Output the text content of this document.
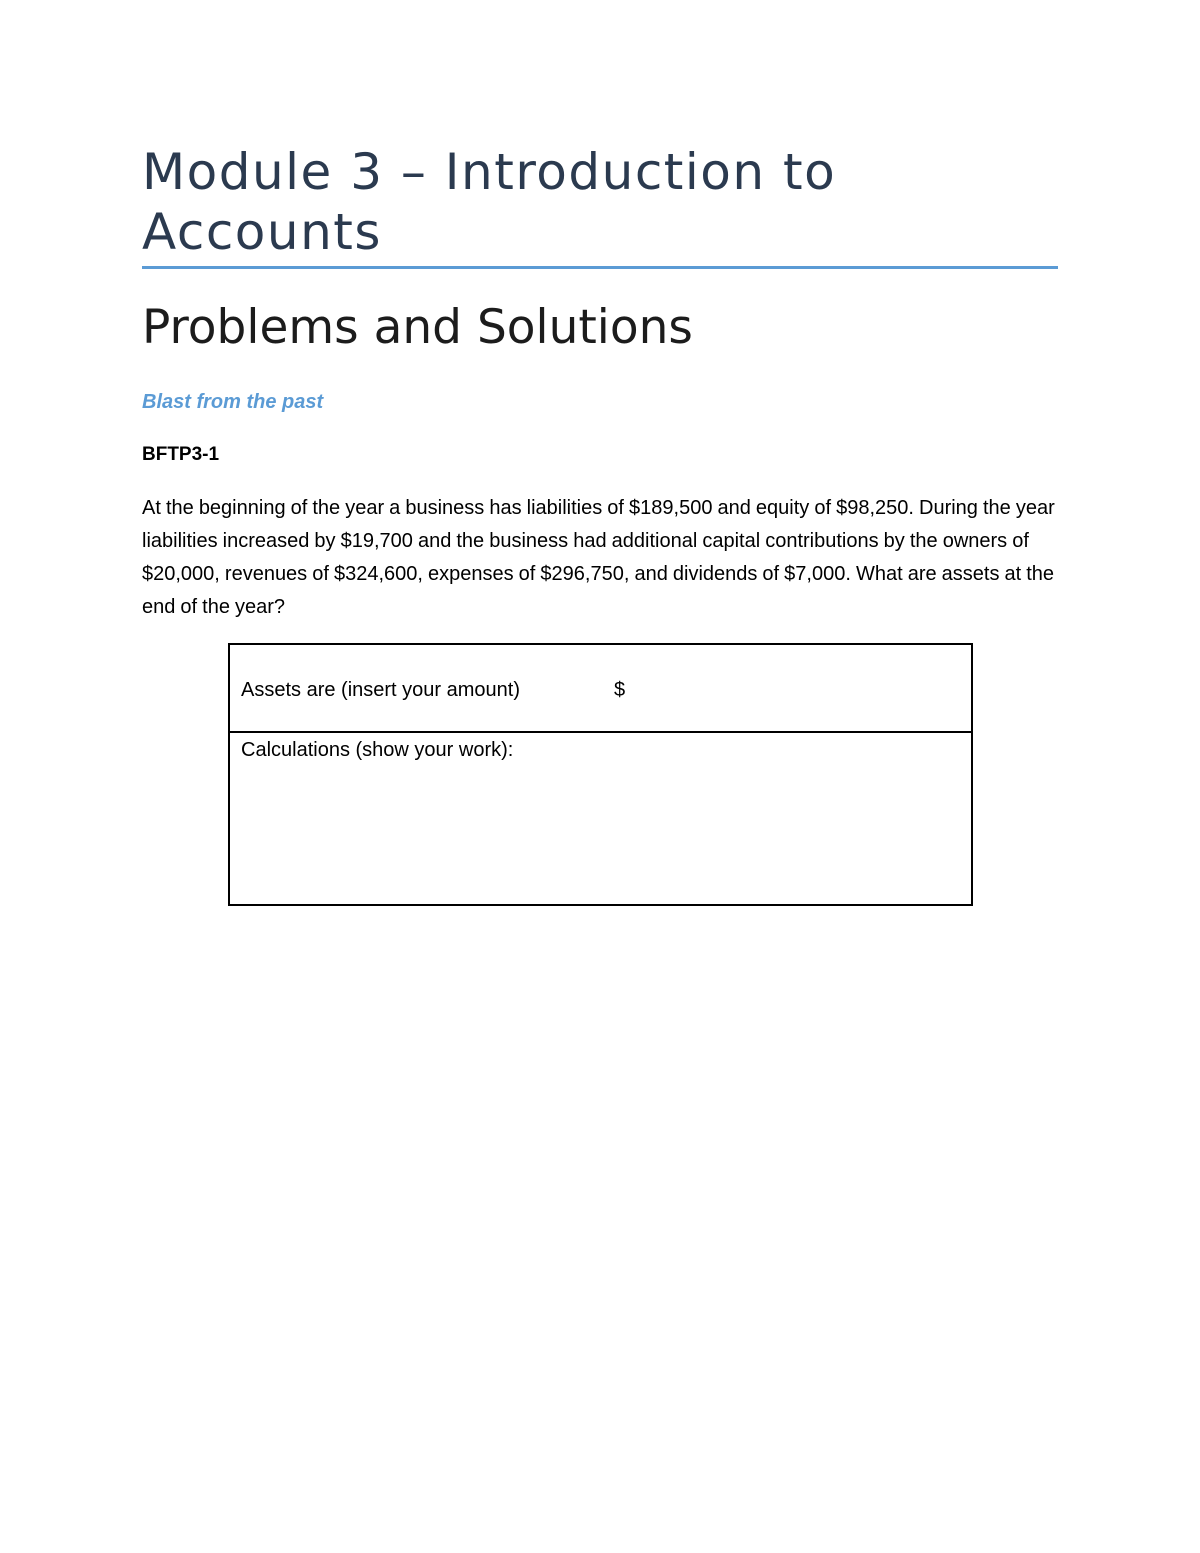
Module 3 – Introduction to Accounts
Problems and Solutions
Blast from the past

BFTP3-1

At the beginning of the year a business has liabilities of $189,500 and equity of $98,250. During the year liabilities increased by $19,700 and the business had additional capital contributions by the owners of $20,000, revenues of $324,600, expenses of $296,750, and dividends of $7,000. What are assets at the end of the year?

Assets are (insert your amount)	$
Calculations (show your work):
